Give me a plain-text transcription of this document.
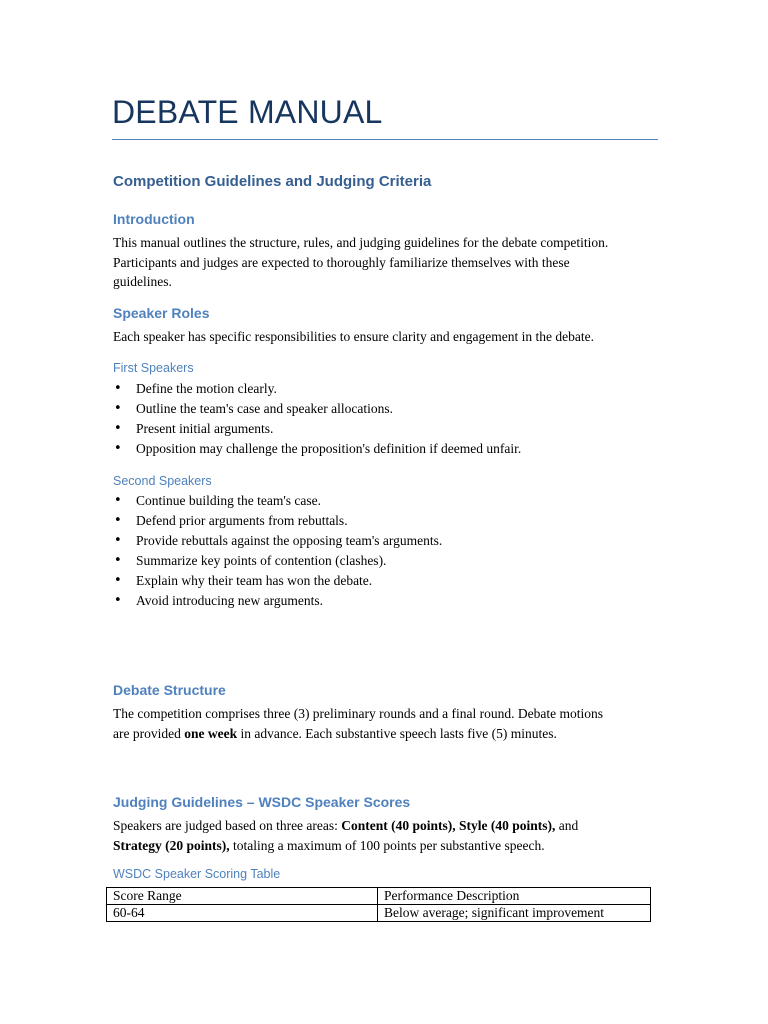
DEBATE MANUAL
Competition Guidelines and Judging Criteria
Introduction
This manual outlines the structure, rules, and judging guidelines for the debate competition.
Participants and judges are expected to thoroughly familiarize themselves with these
guidelines.
Speaker Roles
Each speaker has specific responsibilities to ensure clarity and engagement in the debate.
First Speakers
• Define the motion clearly.
• Outline the team's case and speaker allocations.
• Present initial arguments.
• Opposition may challenge the proposition's definition if deemed unfair.
Second Speakers
• Continue building the team's case.
• Defend prior arguments from rebuttals.
• Provide rebuttals against the opposing team's arguments.
• Summarize key points of contention (clashes).
• Explain why their team has won the debate.
• Avoid introducing new arguments.
Debate Structure
The competition comprises three (3) preliminary rounds and a final round. Debate motions
are provided one week in advance. Each substantive speech lasts five (5) minutes.
Judging Guidelines – WSDC Speaker Scores
Speakers are judged based on three areas: Content (40 points), Style (40 points), and
Strategy (20 points), totaling a maximum of 100 points per substantive speech.
WSDC Speaker Scoring Table
Score Range	Performance Description
60-64	Below average; significant improvement
